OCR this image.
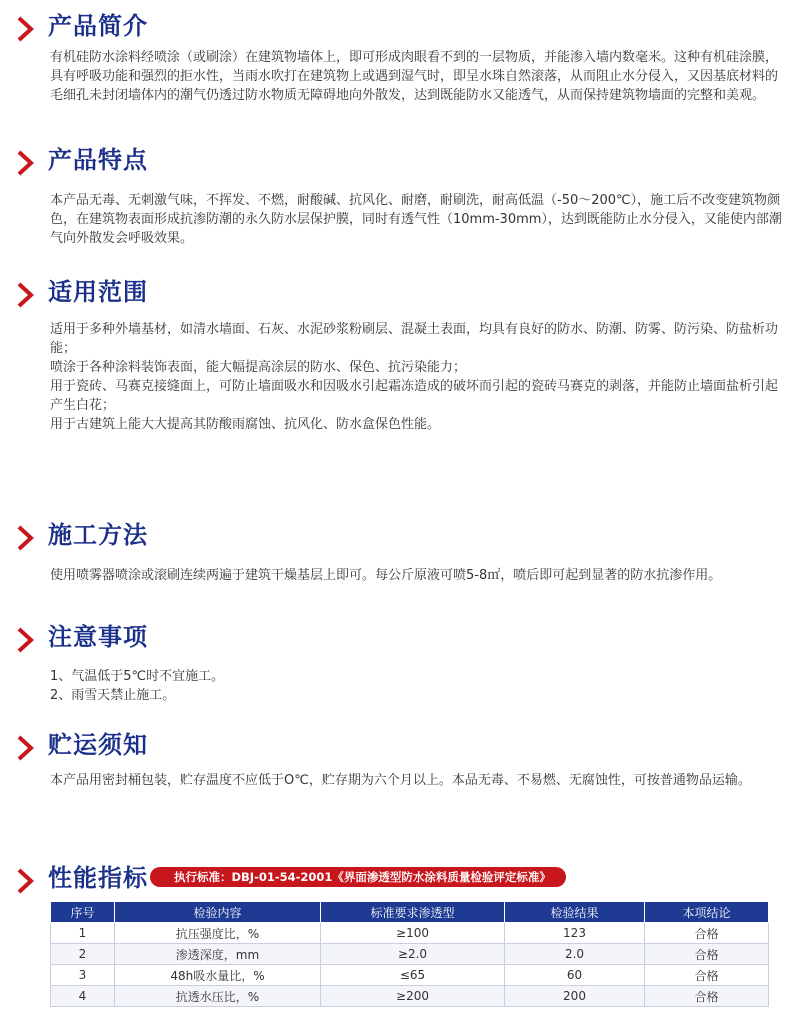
产品简介

有机硅防水涂料经喷涂（或刷涂）在建筑物墙体上，即可形成肉眼看不到的一层物质，并能渗入墙内数毫米。这种有机硅涂膜，具有呼吸功能和强烈的拒水性，当雨水吹打在建筑物上或遇到湿气时，即呈水珠自然滚落，从而阻止水分侵入，又因基底材料的毛细孔未封闭墙体内的潮气仍透过防水物质无障碍地向外散发，达到既能防水又能透气，从而保持建筑物墙面的完整和美观。

产品特点

本产品无毒、无刺激气味，不挥发、不燃，耐酸碱、抗风化、耐磨，耐刷洗，耐高低温（-50～200℃），施工后不改变建筑物颜色，在建筑物表面形成抗渗防潮的永久防水层保护膜，同时有透气性（10mm-30mm），达到既能防止水分侵入，又能使内部潮气向外散发会呼吸效果。

适用范围

适用于多种外墙基材，如清水墙面、石灰、水泥砂浆粉刷层、混凝土表面，均具有良好的防水、防潮、防雾、防污染、防盐析功能；

喷涂于各种涂料装饰表面，能大幅提高涂层的防水、保色、抗污染能力；

用于瓷砖、马赛克接缝面上，可防止墙面吸水和因吸水引起霜冻造成的破坏而引起的瓷砖马赛克的剥落，并能防止墙面盐析引起产生白花；

用于古建筑上能大大提高其防酸雨腐蚀、抗风化、防水盒保色性能。

施工方法

使用喷雾器喷涂或滚刷连续两遍于建筑干燥基层上即可。每公斤原液可喷5-8㎡，喷后即可起到显著的防水抗渗作用。

注意事项

1、气温低于5℃时不宜施工。

2、雨雪天禁止施工。

贮运须知

本产品用密封桶包装，贮存温度不应低于O℃，贮存期为六个月以上。本品无毒、不易燃、无腐蚀性，可按普通物品运输。

性能指标	执行标准：DBJ-01-54-2001《界面渗透型防水涂料质量检验评定标准》
序号	检验内容	标准要求渗透型	检验结果	本项结论
1	抗压强度比，%	≥100	123	合格
2	渗透深度，mm	≥2.0	2.0	合格
3	48h吸水量比，%	≤65	60	合格
4	抗透水压比，%	≥200	200	合格
